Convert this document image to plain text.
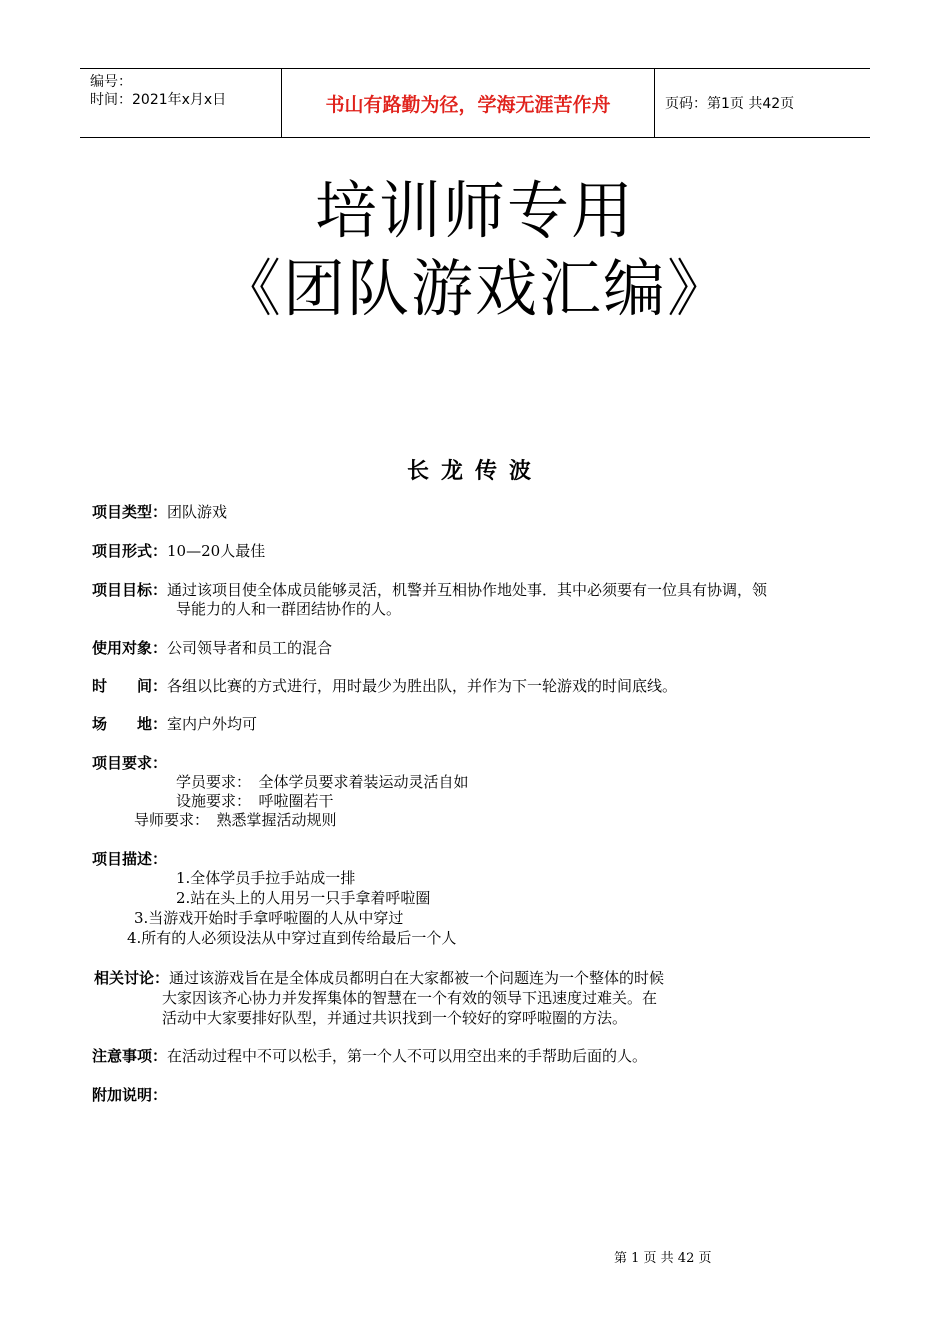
编号：
时间：2021年x月x日	书山有路勤为径，学海无涯苦作舟	页码：第1页 共42页
培训师专用
《团队游戏汇编》
长龙传波
项目类型：团队游戏
项目形式：10—20人最佳
项目目标：通过该项目使全体成员能够灵活，机警并互相协作地处事．其中必须要有一位具有协调，领
导能力的人和一群团结协作的人。
使用对象：公司领导者和员工的混合
时　　间：各组以比赛的方式进行，用时最少为胜出队，并作为下一轮游戏的时间底线。
场　　地：室内户外均可
项目要求：
学员要求：　全体学员要求着装运动灵活自如
设施要求：　呼啦圈若干
导师要求：　熟悉掌握活动规则
项目描述：
1.全体学员手拉手站成一排
2.站在头上的人用另一只手拿着呼啦圈
3.当游戏开始时手拿呼啦圈的人从中穿过
4.所有的人必须设法从中穿过直到传给最后一个人
相关讨论：通过该游戏旨在是全体成员都明白在大家都被一个问题连为一个整体的时候
大家因该齐心协力并发挥集体的智慧在一个有效的领导下迅速度过难关。在
活动中大家要排好队型，并通过共识找到一个较好的穿呼啦圈的方法。
注意事项：在活动过程中不可以松手，第一个人不可以用空出来的手帮助后面的人。
附加说明：
第 1 页 共 42 页
